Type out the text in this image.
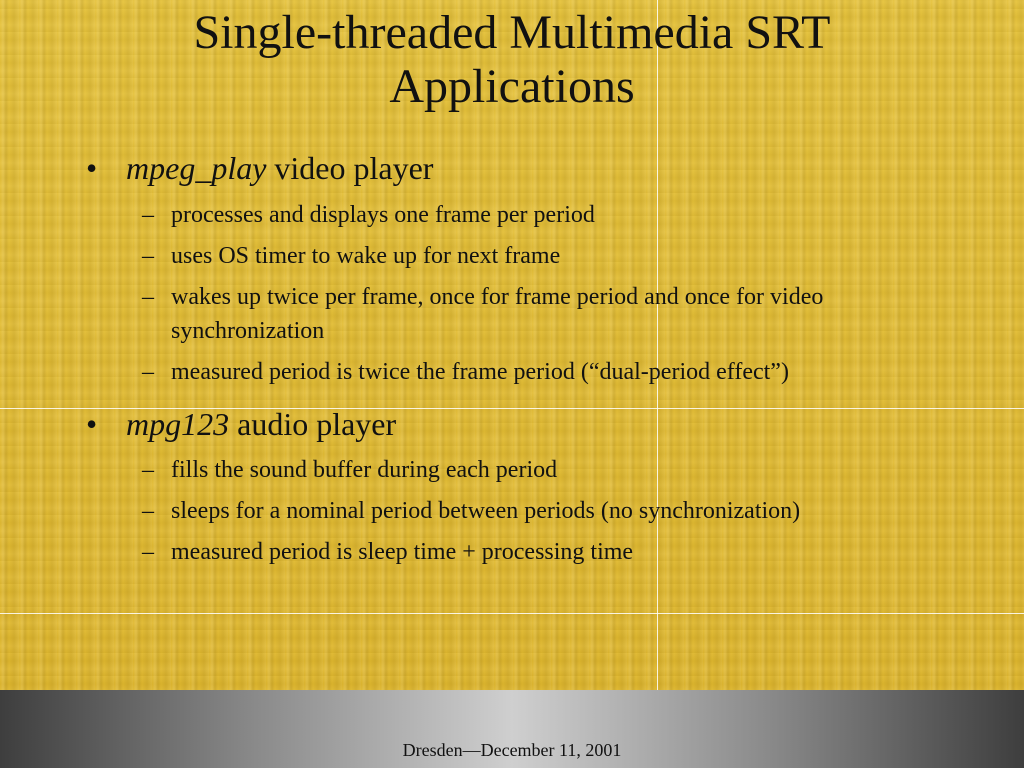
Single-threaded Multimedia SRT
Applications
• mpeg_play video player
– processes and displays one frame per period
– uses OS timer to wake up for next frame
– wakes up twice per frame, once for frame period and once for video synchronization
– measured period is twice the frame period (“dual-period effect”)
• mpg123 audio player
– fills the sound buffer during each period
– sleeps for a nominal period between periods (no synchronization)
– measured period is sleep time + processing time
Dresden—December 11, 2001
